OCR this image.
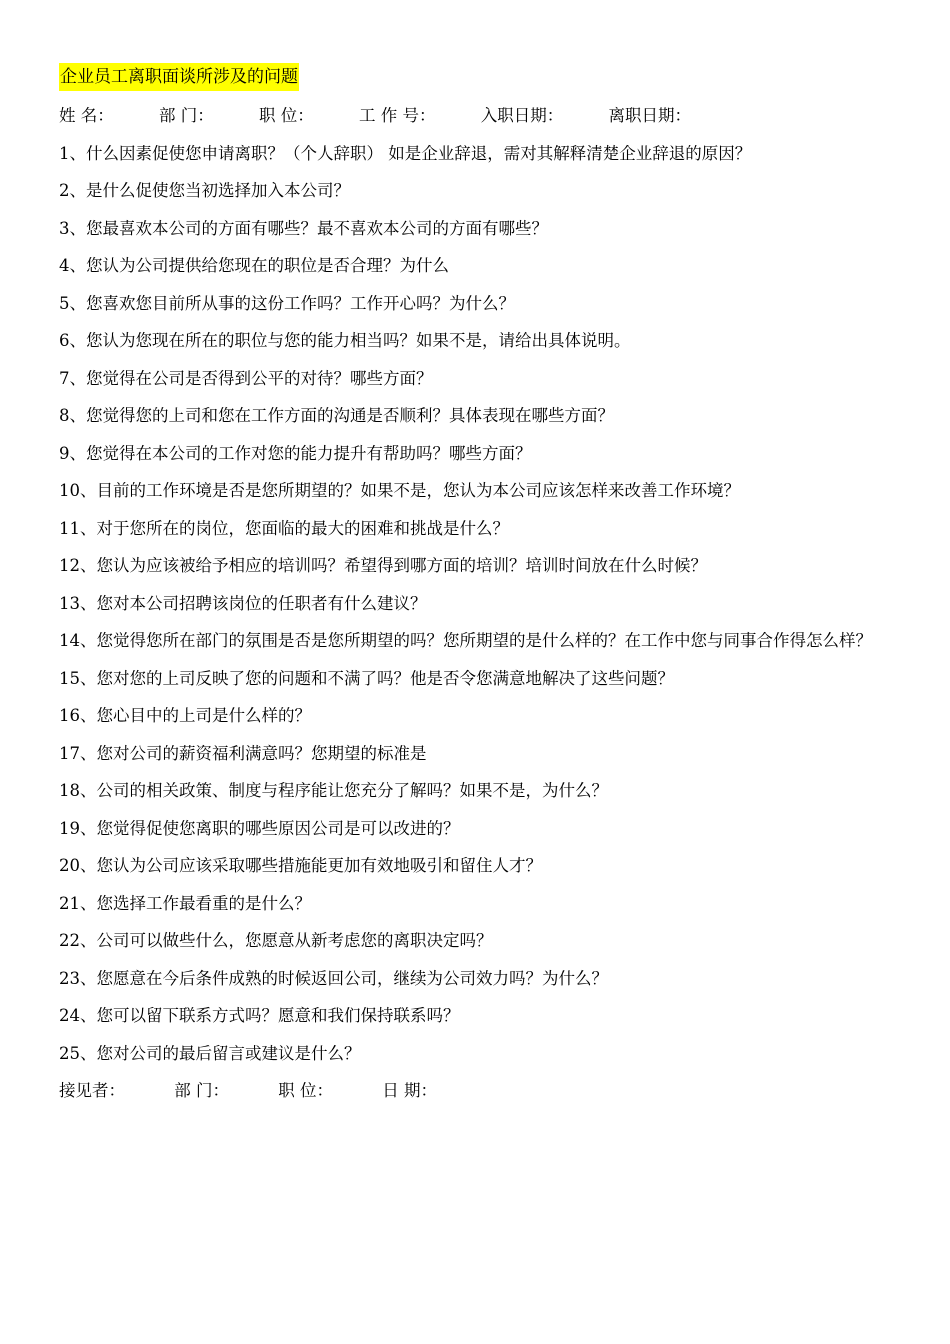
企业员工离职面谈所涉及的问题
姓 名：	部 门：	职 位：	工 作 号：	入职日期：	离职日期：
1、什么因素促使您申请离职？（个人辞职） 如是企业辞退，需对其解释清楚企业辞退的原因？
2、是什么促使您当初选择加入本公司？
3、您最喜欢本公司的方面有哪些？最不喜欢本公司的方面有哪些？
4、您认为公司提供给您现在的职位是否合理？为什么
5、您喜欢您目前所从事的这份工作吗？工作开心吗？为什么？
6、您认为您现在所在的职位与您的能力相当吗？如果不是，请给出具体说明。
7、您觉得在公司是否得到公平的对待？哪些方面？
8、您觉得您的上司和您在工作方面的沟通是否顺利？具体表现在哪些方面？
9、您觉得在本公司的工作对您的能力提升有帮助吗？哪些方面？
10、目前的工作环境是否是您所期望的？如果不是，您认为本公司应该怎样来改善工作环境？
11、对于您所在的岗位，您面临的最大的困难和挑战是什么？
12、您认为应该被给予相应的培训吗？希望得到哪方面的培训？培训时间放在什么时候？
13、您对本公司招聘该岗位的任职者有什么建议？
14、您觉得您所在部门的氛围是否是您所期望的吗？您所期望的是什么样的？在工作中您与同事合作得怎么样？
15、您对您的上司反映了您的问题和不满了吗？他是否令您满意地解决了这些问题？
16、您心目中的上司是什么样的？
17、您对公司的薪资福利满意吗？您期望的标准是
18、公司的相关政策、制度与程序能让您充分了解吗？如果不是，为什么？
19、您觉得促使您离职的哪些原因公司是可以改进的？
20、您认为公司应该采取哪些措施能更加有效地吸引和留住人才？
21、您选择工作最看重的是什么？
22、公司可以做些什么，您愿意从新考虑您的离职决定吗？
23、您愿意在今后条件成熟的时候返回公司，继续为公司效力吗？为什么？
24、您可以留下联系方式吗？愿意和我们保持联系吗？
25、您对公司的最后留言或建议是什么？
接见者：	部 门：	职 位：	日 期：
